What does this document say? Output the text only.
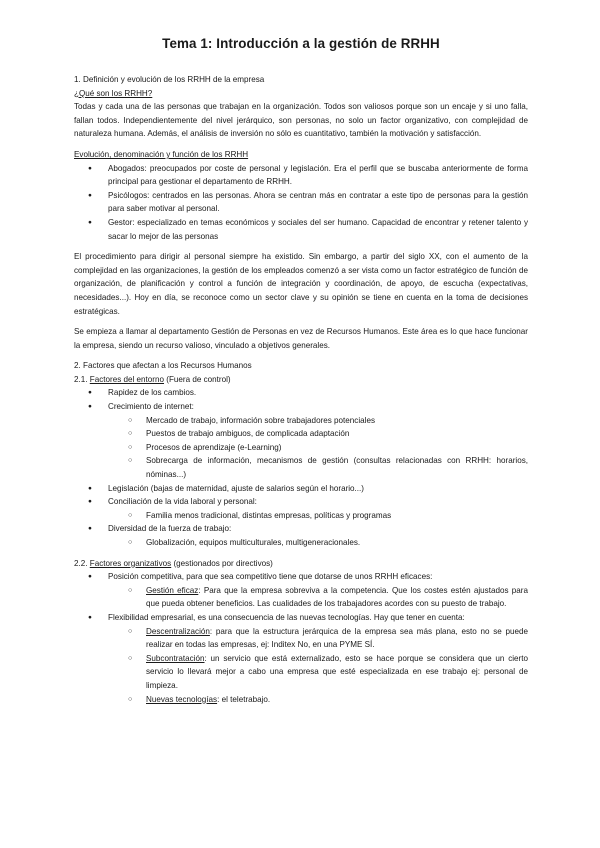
Tema 1: Introducción a la gestión de RRHH

1. Definición y evolución de los RRHH de la empresa

¿Qué son los RRHH?

Todas y cada una de las personas que trabajan en la organización. Todos son valiosos porque son un encaje y si uno falla, fallan todos. Independientemente del nivel jerárquico, son personas, no solo un factor organizativo, con complejidad de naturaleza humana. Además, el análisis de inversión no sólo es cuantitativo, también la motivación y satisfacción.

Evolución, denominación y función de los RRHH

● Abogados: preocupados por coste de personal y legislación. Era el perfil que se buscaba anteriormente de forma principal para gestionar el departamento de RRHH.
● Psicólogos: centrados en las personas. Ahora se centran más en contratar a este tipo de personas para la gestión para saber motivar al personal.
● Gestor: especializado en temas económicos y sociales del ser humano. Capacidad de encontrar y retener talento y sacar lo mejor de las personas

El procedimiento para dirigir al personal siempre ha existido. Sin embargo, a partir del siglo XX, con el aumento de la complejidad en las organizaciones, la gestión de los empleados comenzó a ser vista como un factor estratégico de función de organización, de planificación y control a función de integración y coordinación, de apoyo, de escucha (expectativas, necesidades...). Hoy en día, se reconoce como un sector clave y su opinión se tiene en cuenta en la toma de decisiones estratégicas.

Se empieza a llamar al departamento Gestión de Personas en vez de Recursos Humanos. Este área es lo que hace funcionar la empresa, siendo un recurso valioso, vinculado a objetivos generales.

2. Factores que afectan a los Recursos Humanos

2.1. Factores del entorno (Fuera de control)

● Rapidez de los cambios.
● Crecimiento de internet:
○ Mercado de trabajo, información sobre trabajadores potenciales
○ Puestos de trabajo ambiguos, de complicada adaptación
○ Procesos de aprendizaje (e-Learning)
○ Sobrecarga de información, mecanismos de gestión (consultas relacionadas con RRHH: horarios, nóminas...)
● Legislación (bajas de maternidad, ajuste de salarios según el horario...)
● Conciliación de la vida laboral y personal:
○ Familia menos tradicional, distintas empresas, políticas y programas
● Diversidad de la fuerza de trabajo:
○ Globalización, equipos multiculturales, multigeneracionales.

2.2. Factores organizativos (gestionados por directivos)

● Posición competitiva, para que sea competitivo tiene que dotarse de unos RRHH eficaces:
○ Gestión eficaz: Para que la empresa sobreviva a la competencia. Que los costes estén ajustados para que pueda obtener beneficios. Las cualidades de los trabajadores acordes con su puesto de trabajo.
● Flexibilidad empresarial, es una consecuencia de las nuevas tecnologías. Hay que tener en cuenta:
○ Descentralización: para que la estructura jerárquica de la empresa sea más plana, esto no se puede realizar en todas las empresas, ej: Inditex No, en una PYME SÍ.
○ Subcontratación: un servicio que está externalizado, esto se hace porque se considera que un cierto servicio lo llevará mejor a cabo una empresa que esté especializada en ese trabajo ej: personal de limpieza.
○ Nuevas tecnologías: el teletrabajo.
